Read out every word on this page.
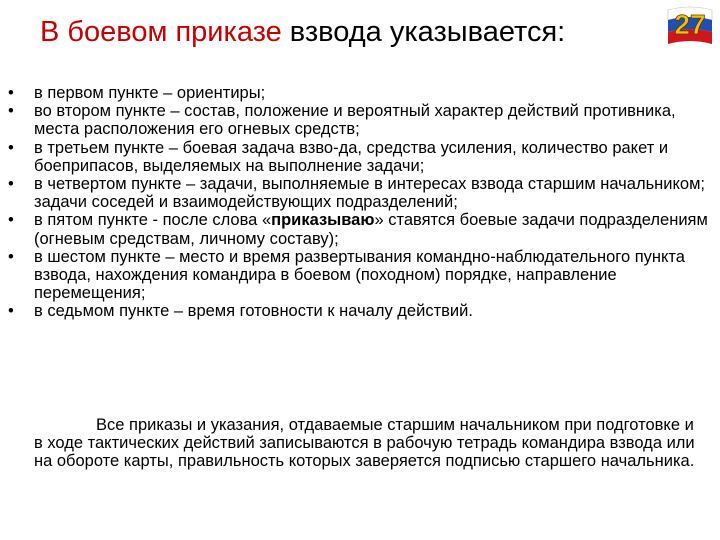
В боевом приказе взвода указывается:	27
• в первом пункте – ориентиры;
• во втором пункте – состав, положение и вероятный характер действий противника, места расположения его огневых средств;
• в третьем пункте – боевая задача взво-да, средства усиления, количество ракет и боеприпасов, выделяемых на выполнение задачи;
• в четвертом пункте – задачи, выполняемые в интересах взвода старшим начальником; задачи соседей и взаимодействующих подразделений;
• в пятом пункте - после слова «приказываю» ставятся боевые задачи подразделениям (огневым средствам, личному составу);
• в шестом пункте – место и время развертывания командно-наблюдательного пункта взвода, нахождения командира в боевом (походном) порядке, направление перемещения;
• в седьмом пункте – время готовности к началу действий.
Все приказы и указания, отдаваемые старшим начальником при подготовке и в ходе тактических действий записываются в рабочую тетрадь командира взвода или на обороте карты, правильность которых заверяется подписью старшего начальника.
